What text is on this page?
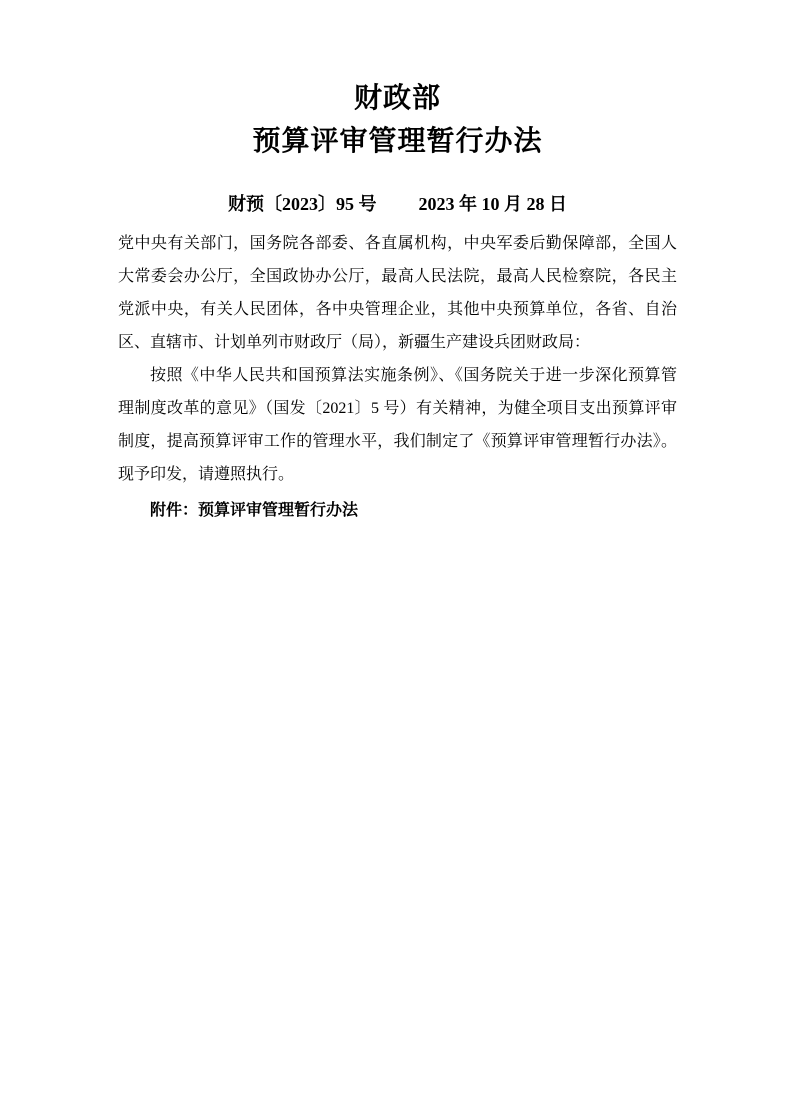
财政部
预算评审管理暂行办法
财预〔2023〕95 号 2023 年 10 月 28 日

党中央有关部门，国务院各部委、各直属机构，中央军委后勤保障部，全国人大常委会办公厅，全国政协办公厅，最高人民法院，最高人民检察院，各民主党派中央，有关人民团体，各中央管理企业，其他中央预算单位，各省、自治区、直辖市、计划单列市财政厅（局），新疆生产建设兵团财政局：

按照《中华人民共和国预算法实施条例》、《国务院关于进一步深化预算管理制度改革的意见》（国发〔2021〕5 号）有关精神，为健全项目支出预算评审制度，提高预算评审工作的管理水平，我们制定了《预算评审管理暂行办法》。现予印发，请遵照执行。

附件：预算评审管理暂行办法
